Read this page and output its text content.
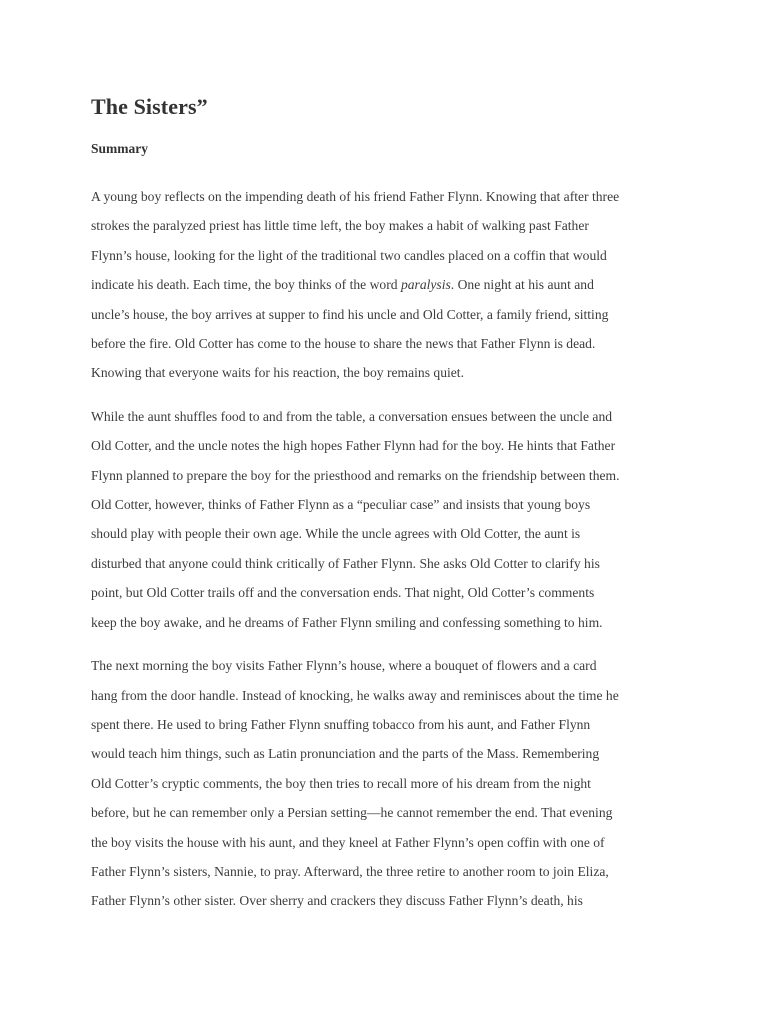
The Sisters”
Summary

A young boy reflects on the impending death of his friend Father Flynn. Knowing that after three
strokes the paralyzed priest has little time left, the boy makes a habit of walking past Father
Flynn’s house, looking for the light of the traditional two candles placed on a coffin that would
indicate his death. Each time, the boy thinks of the word paralysis. One night at his aunt and
uncle’s house, the boy arrives at supper to find his uncle and Old Cotter, a family friend, sitting
before the fire. Old Cotter has come to the house to share the news that Father Flynn is dead.
Knowing that everyone waits for his reaction, the boy remains quiet.

While the aunt shuffles food to and from the table, a conversation ensues between the uncle and
Old Cotter, and the uncle notes the high hopes Father Flynn had for the boy. He hints that Father
Flynn planned to prepare the boy for the priesthood and remarks on the friendship between them.
Old Cotter, however, thinks of Father Flynn as a “peculiar case” and insists that young boys
should play with people their own age. While the uncle agrees with Old Cotter, the aunt is
disturbed that anyone could think critically of Father Flynn. She asks Old Cotter to clarify his
point, but Old Cotter trails off and the conversation ends. That night, Old Cotter’s comments
keep the boy awake, and he dreams of Father Flynn smiling and confessing something to him.

The next morning the boy visits Father Flynn’s house, where a bouquet of flowers and a card
hang from the door handle. Instead of knocking, he walks away and reminisces about the time he
spent there. He used to bring Father Flynn snuffing tobacco from his aunt, and Father Flynn
would teach him things, such as Latin pronunciation and the parts of the Mass. Remembering
Old Cotter’s cryptic comments, the boy then tries to recall more of his dream from the night
before, but he can remember only a Persian setting—he cannot remember the end. That evening
the boy visits the house with his aunt, and they kneel at Father Flynn’s open coffin with one of
Father Flynn’s sisters, Nannie, to pray. Afterward, the three retire to another room to join Eliza,
Father Flynn’s other sister. Over sherry and crackers they discuss Father Flynn’s death, his
